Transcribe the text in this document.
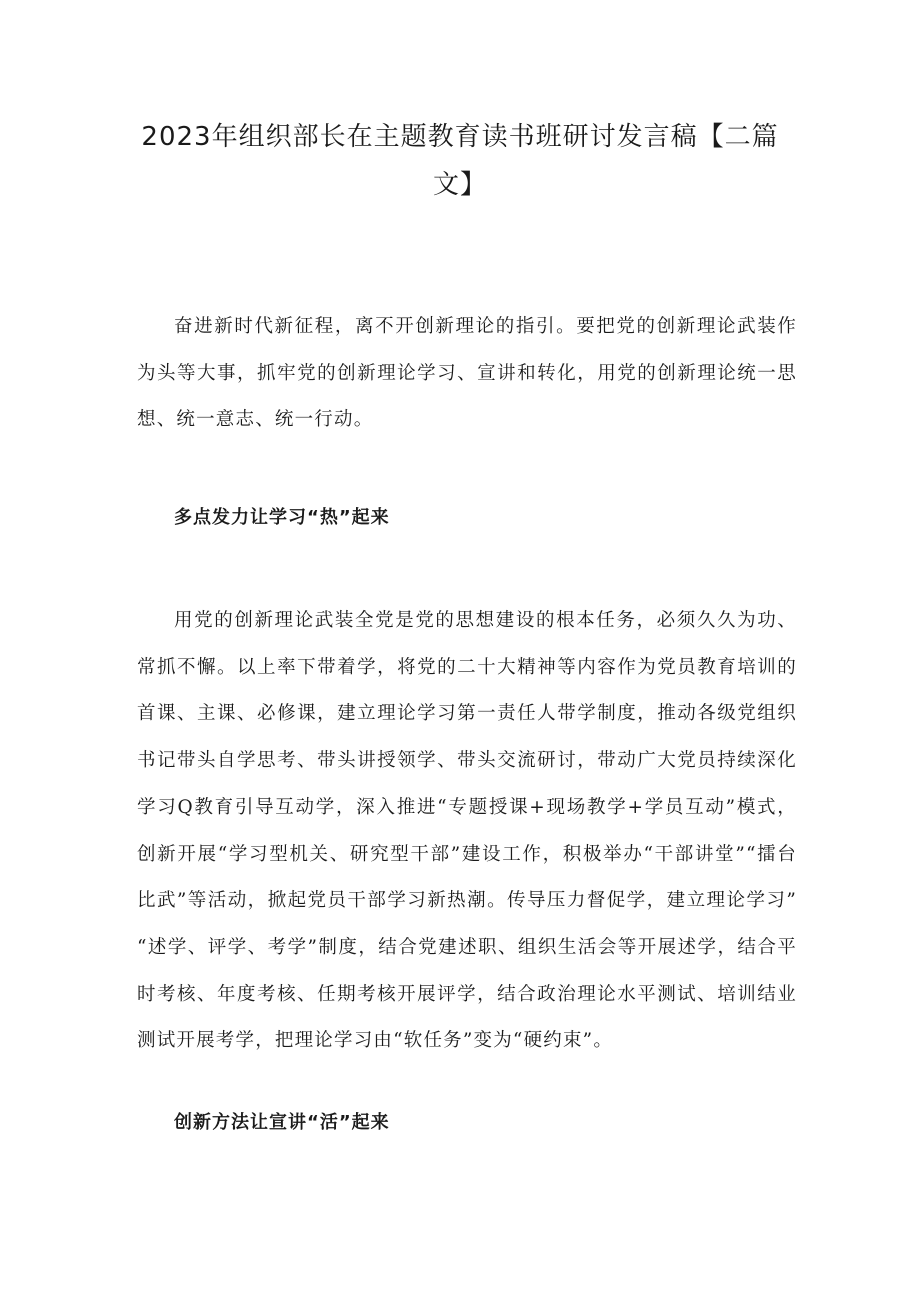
2023年组织部长在主题教育读书班研讨发言稿【二篇文】

奋进新时代新征程，离不开创新理论的指引。要把党的创新理论武装作为头等大事，抓牢党的创新理论学习、宣讲和转化，用党的创新理论统一思想、统一意志、统一行动。

多点发力让学习“热”起来

用党的创新理论武装全党是党的思想建设的根本任务，必须久久为功、常抓不懈。以上率下带着学，将党的二十大精神等内容作为党员教育培训的首课、主课、必修课，建立理论学习第一责任人带学制度，推动各级党组织书记带头自学思考、带头讲授领学、带头交流研讨，带动广大党员持续深化学习Q教育引导互动学，深入推进“专题授课+现场教学+学员互动”模式，创新开展“学习型机关、研究型干部”建设工作，积极举办“干部讲堂”“擂台比武”等活动，掀起党员干部学习新热潮。传导压力督促学，建立理论学习”“述学、评学、考学”制度，结合党建述职、组织生活会等开展述学，结合平时考核、年度考核、任期考核开展评学，结合政治理论水平测试、培训结业测试开展考学，把理论学习由“软任务”变为“硬约束”。

创新方法让宣讲“活”起来
